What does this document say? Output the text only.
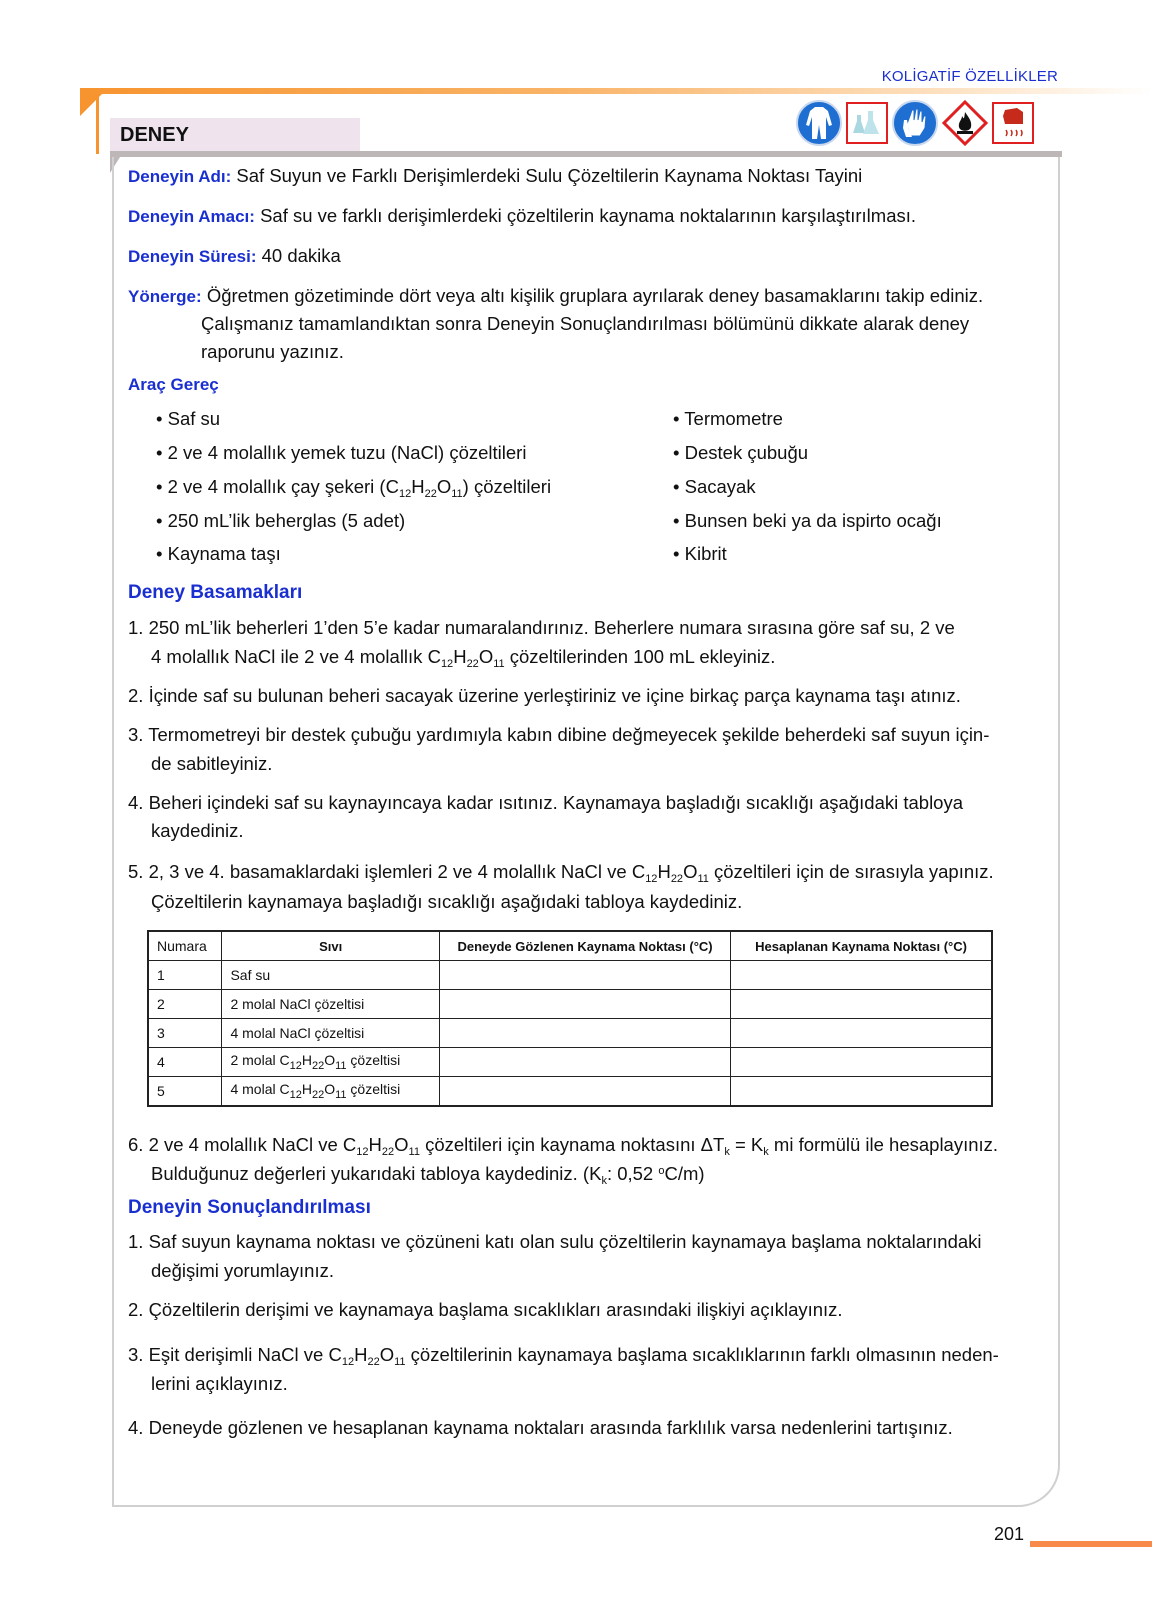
KOLİGATİF ÖZELLİKLER
DENEY
Deneyin Adı: Saf Suyun ve Farklı Derişimlerdeki Sulu Çözeltilerin Kaynama Noktası Tayini
Deneyin Amacı: Saf su ve farklı derişimlerdeki çözeltilerin kaynama noktalarının karşılaştırılması.
Deneyin Süresi: 40 dakika
Yönerge: Öğretmen gözetiminde dört veya altı kişilik gruplara ayrılarak deney basamaklarını takip ediniz.
Çalışmanız tamamlandıktan sonra Deneyin Sonuçlandırılması bölümünü dikkate alarak deney
raporunu yazınız.
Araç Gereç
• Saf su
• 2 ve 4 molallık yemek tuzu (NaCl) çözeltileri
• 2 ve 4 molallık çay şekeri $(C_{12}H_{22}O_{11})$ çözeltileri
• 250 mL’lik beherglas (5 adet)
• Kaynama taşı
• Termometre
• Destek çubuğu
• Sacayak
• Bunsen beki ya da ispirto ocağı
• Kibrit
Deney Basamakları
1. 250 mL’lik beherleri 1’den 5’e kadar numaralandırınız. Beherlere numara sırasına göre saf su, 2 ve
4 molallık NaCl ile 2 ve 4 molallık $C_{12}H_{22}O_{11}$ çözeltilerinden 100 mL ekleyiniz.
2. İçinde saf su bulunan beheri sacayak üzerine yerleştiriniz ve içine birkaç parça kaynama taşı atınız.
3. Termometreyi bir destek çubuğu yardımıyla kabın dibine değmeyecek şekilde beherdeki saf suyun için-
de sabitleyiniz.
4. Beheri içindeki saf su kaynayıncaya kadar ısıtınız. Kaynamaya başladığı sıcaklığı aşağıdaki tabloya
kaydediniz.
5. 2, 3 ve 4. basamaklardaki işlemleri 2 ve 4 molallık NaCl ve $C_{12}H_{22}O_{11}$ çözeltileri için de sırasıyla yapınız.
Çözeltilerin kaynamaya başladığı sıcaklığı aşağıdaki tabloya kaydediniz.
Numara	Sıvı	Deneyde Gözlenen Kaynama Noktası (°C)	Hesaplanan Kaynama Noktası (°C)
1	Saf su		
2	2 molal NaCl çözeltisi		
3	4 molal NaCl çözeltisi		
4	2 molal $C_{12}H_{22}O_{11}$ çözeltisi		
5	4 molal $C_{12}H_{22}O_{11}$ çözeltisi		
6. 2 ve 4 molallık NaCl ve $C_{12}H_{22}O_{11}$ çözeltileri için kaynama noktasını $\Delta T_k = K_k$ mi formülü ile hesaplayınız.
Bulduğunuz değerleri yukarıdaki tabloya kaydediniz. ($K_k$: 0,52 $^o$C/m)
Deneyin Sonuçlandırılması
1. Saf suyun kaynama noktası ve çözüneni katı olan sulu çözeltilerin kaynamaya başlama noktalarındaki
değişimi yorumlayınız.
2. Çözeltilerin derişimi ve kaynamaya başlama sıcaklıkları arasındaki ilişkiyi açıklayınız.
3. Eşit derişimli NaCl ve $C_{12}H_{22}O_{11}$ çözeltilerinin kaynamaya başlama sıcaklıklarının farklı olmasının neden-
lerini açıklayınız.
4. Deneyde gözlenen ve hesaplanan kaynama noktaları arasında farklılık varsa nedenlerini tartışınız.
201
